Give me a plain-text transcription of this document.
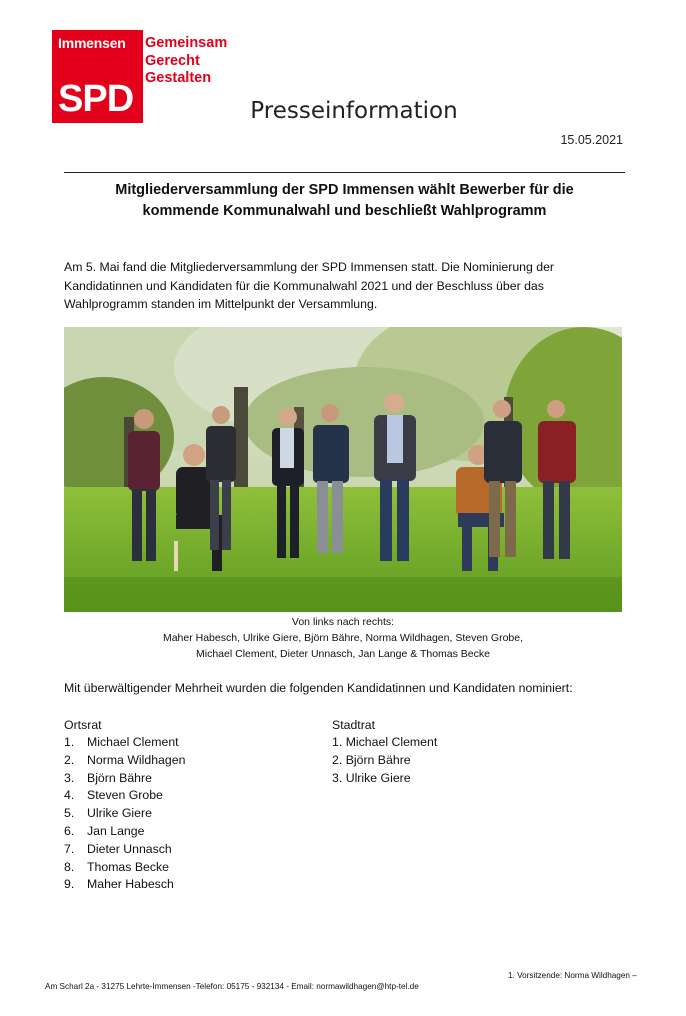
Immensen
SPD
Gemeinsam
Gerecht
Gestalten
Presseinformation
15.05.2021
Mitgliederversammlung der SPD Immensen wählt Bewerber für die
kommende Kommunalwahl und beschließt Wahlprogramm
Am 5. Mai fand die Mitgliederversammlung der SPD Immensen statt. Die Nominierung der
Kandidatinnen und Kandidaten für die Kommunalwahl 2021 und der Beschluss über das
Wahlprogramm standen im Mittelpunkt der Versammlung.
Von links nach rechts:
Maher Habesch, Ulrike Giere, Björn Bähre, Norma Wildhagen, Steven Grobe,
Michael Clement, Dieter Unnasch, Jan Lange & Thomas Becke
Mit überwältigender Mehrheit wurden die folgenden Kandidatinnen und Kandidaten nominiert:
Ortsrat
1. Michael Clement
2. Norma Wildhagen
3. Björn Bähre
4. Steven Grobe
5. Ulrike Giere
6. Jan Lange
7. Dieter Unnasch
8. Thomas Becke
9. Maher Habesch
Stadtrat
1. Michael Clement
2. Björn Bähre
3. Ulrike Giere
Am Scharl 2a - 31275 Lehrte-Immensen -Telefon: 05175 - 932134 - Email: normawildhagen@htp-tel.de
1. Vorsitzende: Norma Wildhagen –
